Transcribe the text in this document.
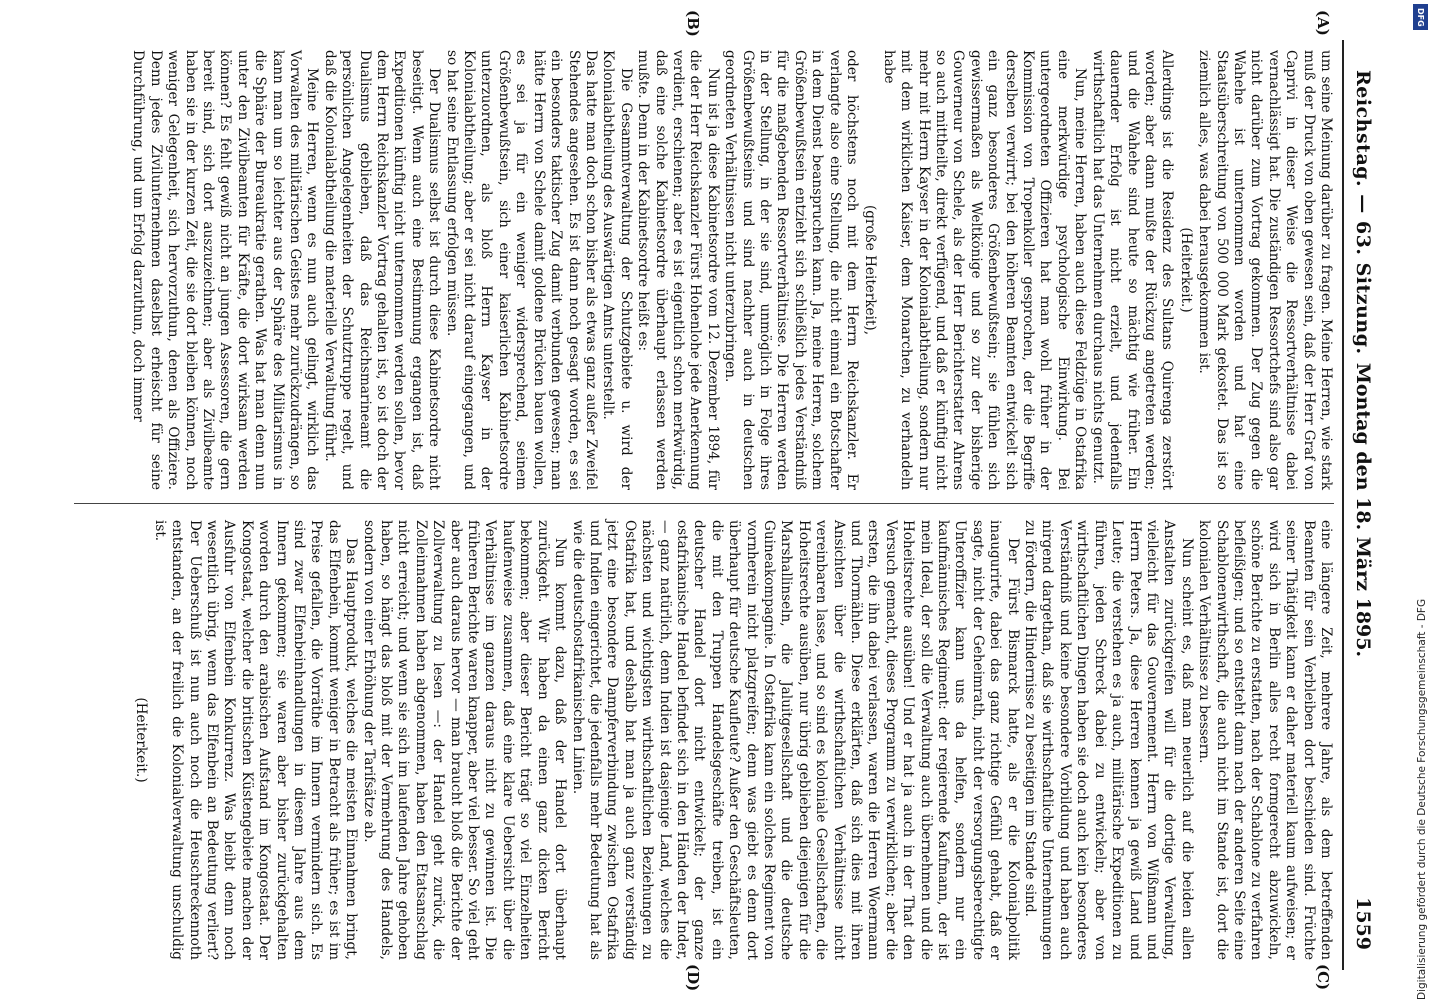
Reichstag. — 63. Sitzung.
Montag den 18. März 1895.
1559
(A)
(B)
(C)
(D)

um seine Meinung darüber zu fragen. Meine Herren, wie stark muß der Druck von oben gewesen sein, daß der Herr Graf von Caprivi in dieser Weise die Ressortverhältnisse dabei vernachlässigt hat. Die zuständigen Ressortchefs sind also gar nicht darüber zum Vortrag gekommen. Der Zug gegen die Wahehe ist unternommen worden und hat eine Staatsüberschreitung von 500 000 Mark gekostet. Das ist so ziemlich alles, was dabei herausgekommen ist.

(Heiterkeit.)

Allerdings ist die Residenz des Sultans Quirenga zerstört worden; aber dann mußte der Rückzug angetreten werden; und die Wahehe sind heute so mächtig wie früher. Ein dauernder Erfolg ist nicht erzielt, und jedenfalls wirthschaftlich hat das Unternehmen durchaus nichts genutzt.

Nun, meine Herren, haben auch diese Feldzüge in Ostafrika eine merkwürdige psychologische Einwirkung. Bei untergeordneten Offizieren hat man wohl früher in der Kommission von Tropenkoller gesprochen, der die Begriffe derselben verwirrt; bei den höheren Beamten entwickelt sich ein ganz besonderes Größenbewußtsein; sie fühlen sich gewissermaßen als Weltkönige und so zur der bisherige Gouverneur von Schele, als der Herr Berichterstatter Ahrens so auch mittheilte, direkt verfügend, und daß er künftig nicht mehr mit Herrn Kayser in der Kolonialabtheilung, sondern nur mit dem wirklichen Kaiser, dem Monarchen, zu verhandeln habe

(große Heiterkeit),

oder höchstens noch mit dem Herrn Reichskanzler. Er verlangte also eine Stellung, die nicht einmal ein Botschafter in dem Dienst beanspruchen kann. Ja, meine Herren, solchem Größenbewußtsein entzieht sich schließlich jedes Verständniß für die maßgebenden Ressortverhältnisse. Die Herren werden in der Stellung, in der sie sind, unmöglich in Folge ihres Größenbewußtseins und sind nachher auch in deutschen geordneten Verhältnissen nicht unterzubringen.

Nun ist ja diese Kabinetsordre vom 12. Dezember 1894, für die der Herr Reichskanzler Fürst Hohenlohe jede Anerkennung verdient, erschienen; aber es ist eigentlich schon merkwürdig, daß eine solche Kabinetsordre überhaupt erlassen werden mußte. Denn in der Kabinetsordre heißt es:

Die Gesammtverwaltung der Schutzgebiete u. wird der Kolonialabtheilung des Auswärtigen Amts unterstellt.

Das hatte man doch schon bisher als etwas ganz außer Zweifel Stehendes angesehen. Es ist dann noch gesagt worden, es sei ein besonders taktischer Zug damit verbunden gewesen; man hätte Herrn von Schele damit goldene Brücken bauen wollen, es sei ja für ein weniger widersprechend, seinem Größenbewußtsein, sich einer kaiserlichen Kabinetsordre unterzuordnen, als bloß Herrn Kayser in der Kolonialabtheilung; aber er sei nicht darauf eingegangen, und so hat seine Entlassung erfolgen müssen.

Der Dualismus selbst ist durch diese Kabinetsordre nicht beseitigt. Wenn auch eine Bestimmung ergangen ist, daß Expeditionen künftig nicht unternommen werden sollen, bevor dem Herrn Reichskanzler Vortrag gehalten ist, so ist doch der Dualismus geblieben, daß das Reichsmarineamt die persönlichen Angelegenheiten der Schutztruppe regelt, und daß die Kolonialabtheilung die materielle Verwaltung führt.

Meine Herren, wenn es nun auch gelingt, wirklich das Vorwalten des militärischen Geistes mehr zurückzudrängen, so kann man um so leichter aus der Sphäre des Militarismus in die Sphäre der Bureaukratie gerathen. Was hat man denn nun unter den Zivilbeamten für Kräfte, die dort wirksam werden können? Es fehlt gewiß nicht an jungen Assessoren, die gern bereit sind, sich dort auszuzeichnen; aber als Zivilbeamte haben sie in der kurzen Zeit, die sie dort bleiben können, noch weniger Gelegenheit, sich hervorzuthun, denen als Offiziere. Denn jedes Zivilunternehmen daselbst erheischt für seine Durchführung, und um Erfolg darzuthun, doch immer

eine längere Zeit, mehrere Jahre, als dem betreffenden Beamten für sein Verbleiben dort beschieden sind. Früchte seiner Thätigkeit kann er daher materiell kaum aufweisen; er wird sich in Berlin alles recht formgerecht abzuwickeln, schöne Berichte zu erstatten, nach der Schablone zu verfahren befleißigen; und so entsteht dann nach der anderen Seite eine Schablonenwirthschaft, die auch nicht im Stande ist, dort die kolonialen Verhältnisse zu bessern.

Nun scheint es, daß man neuerlich auf die beiden allen Anstalten zurückgreifen will für die dortige Verwaltung, vielleicht für das Gouvernement. Herrn von Wißmann und Herrn Peters. Ja, diese Herren kennen ja gewiß Land und Leute; die verstehen es ja auch, militärische Expeditionen zu führen, jeden Schreck dabei zu entwickeln; aber von wirthschaftlichen Dingen haben sie doch auch kein besonderes Verständniß und keine besondere Vorbildung und haben auch nirgend dargethan, daß sie wirthschaftliche Unternehmungen zu fördern, die Hindernisse zu beseitigen im Stande sind.

Der Fürst Bismarck hatte, als er die Kolonialpolitik inaugurirte, dabei das ganz richtige Gefühl gehabt, daß er sagte, nicht der Geheimrath, nicht der versorgungsberechtigte Unteroffizier kann uns da helfen, sondern nur ein kaufmännisches Regiment: der regierende Kaufmann, der ist mein Ideal, der soll die Verwaltung auch übernehmen und die Hoheitsrechte ausüben! Und er hat ja auch in der That den Versuch gemacht, dieses Programm zu verwirklichen; aber die ersten, die ihn dabei verlassen, waren die Herren Woermann und Thormählen. Diese erklärten, daß sich dies mit ihren Ansichten über die wirthschaftlichen Verhältnisse nicht vereinbaren lasse, und so sind es koloniale Gesellschaften, die Hoheitsrechte ausüben, nur übrig geblieben diejenigen für die Marshallinseln, die Jaluitgesellschaft und die deutsche Guineakompagnie. In Ostafrika kann ein solches Regiment von vornherein nicht platzgreifen; denn was giebt es denn dort überhaupt für deutsche Kaufleute? Außer den Geschäftsleuten, die mit den Truppen Handelsgeschäfte treiben, ist ein deutscher Handel dort nicht entwickelt; der ganze ostafrikanische Handel befindet sich in den Händen der Inder, — ganz natürlich, denn Indien ist dasjenige Land, welches die nächsten und wichtigsten wirthschaftlichen Beziehungen zu Ostafrika hat, und deshalb hat man ja auch ganz verständig jetzt eine besondere Dampferverbindung zwischen Ostafrika und Indien eingerichtet, die jedenfalls mehr Bedeutung hat als wie die deutschostafrikanischen Linien.

Nun kommt dazu, daß der Handel dort überhaupt zurückgeht. Wir haben da einen ganz dicken Bericht bekommen; aber dieser Bericht trägt so viel Einzelheiten haufenweise zusammen, daß eine klare Uebersicht über die Verhältnisse im ganzen daraus nicht zu gewinnen ist. Die früheren Berichte waren knapper, aber viel besser. So viel geht aber auch daraus hervor — man braucht bloß die Berichte der Zollverwaltung zu lesen —: der Handel geht zurück, die Zolleinnahmen haben abgenommen, haben den Etatsanschlag nicht erreicht; und wenn sie sich im laufenden Jahre gehoben haben, so hängt das bloß mit der Vermehrung des Handels, sondern von einer Erhöhung der Tarifsätze ab.

Das Hauptprodukt, welches die meisten Einnahmen bringt, das Elfenbein, kommt weniger in Betracht als früher; es ist im Preise gefallen, die Vorräthe im Innern vermindern sich. Es sind zwar Elfenbeinhandlungen in diesem Jahre aus dem Innern gekommen; sie waren aber bisher zurückgehalten worden durch den arabischen Aufstand im Kongostaat. Der Kongostaat, welcher die britischen Küstengebiete machen der Ausfuhr von Elfenbein Konkurrenz. Was bleibt denn noch wesentlich übrig, wenn das Elfenbein an Bedeutung verliert? Der Ueberschuß ist nun auch noch die Heuschreckennoth entstanden, an der freilich die Kolonialverwaltung unschuldig ist.

(Heiterkeit.)

DFG
Digitalisierung gefördert durch die Deutsche Forschungsgemeinschaft - DFG
